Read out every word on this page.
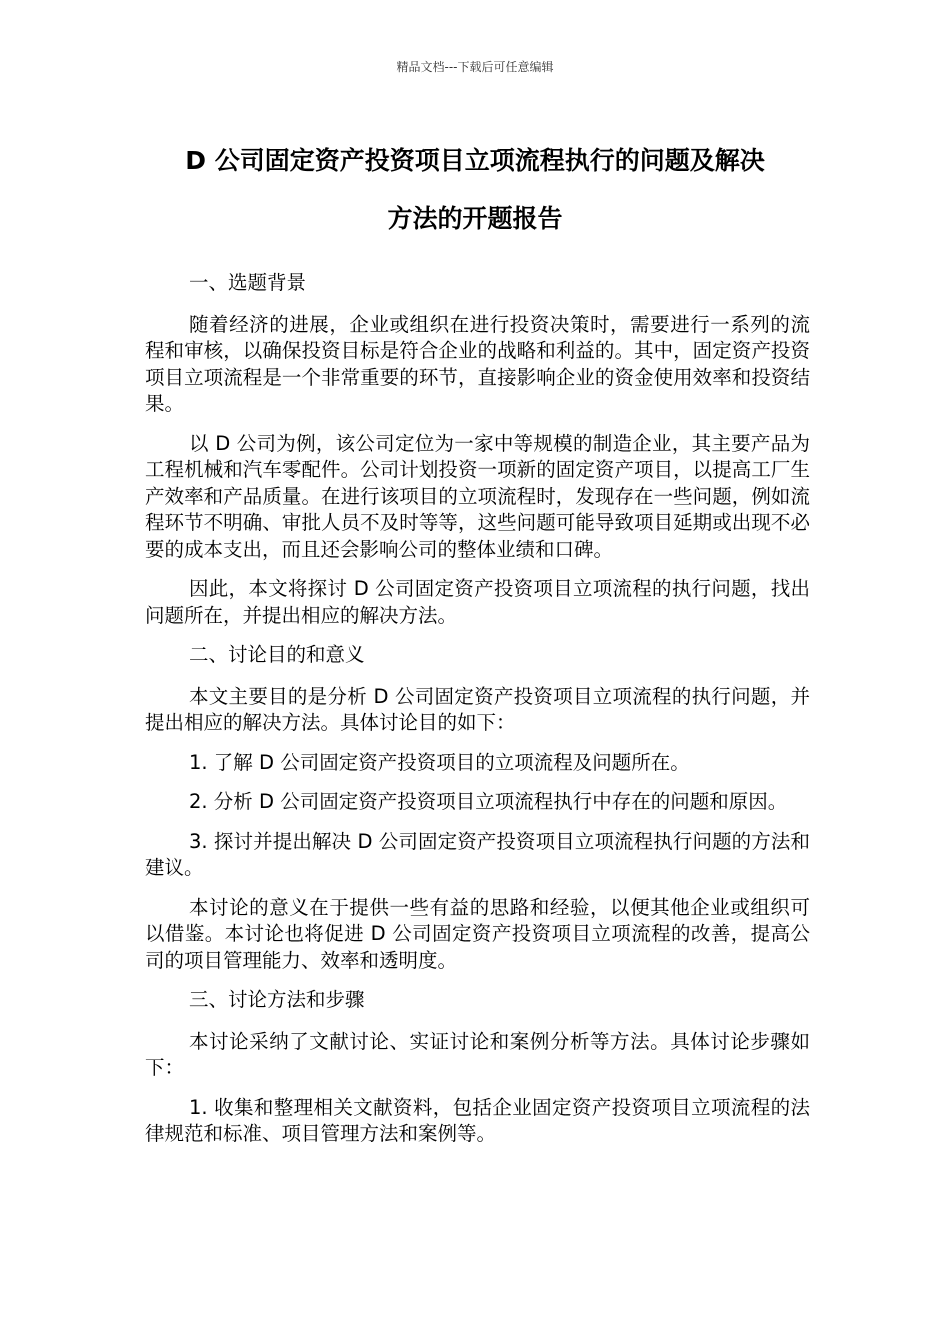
精品文档---下载后可任意编辑
D 公司固定资产投资项目立项流程执行的问题及解决
方法的开题报告

一、选题背景

随着经济的进展，企业或组织在进行投资决策时，需要进行一系列的流程和审核，以确保投资目标是符合企业的战略和利益的。其中，固定资产投资项目立项流程是一个非常重要的环节，直接影响企业的资金使用效率和投资结果。

以 D 公司为例，该公司定位为一家中等规模的制造企业，其主要产品为工程机械和汽车零配件。公司计划投资一项新的固定资产项目，以提高工厂生产效率和产品质量。在进行该项目的立项流程时，发现存在一些问题，例如流程环节不明确、审批人员不及时等等，这些问题可能导致项目延期或出现不必要的成本支出，而且还会影响公司的整体业绩和口碑。

因此，本文将探讨 D 公司固定资产投资项目立项流程的执行问题，找出问题所在，并提出相应的解决方法。

二、讨论目的和意义

本文主要目的是分析 D 公司固定资产投资项目立项流程的执行问题，并提出相应的解决方法。具体讨论目的如下：

1. 了解 D 公司固定资产投资项目的立项流程及问题所在。

2. 分析 D 公司固定资产投资项目立项流程执行中存在的问题和原因。

3. 探讨并提出解决 D 公司固定资产投资项目立项流程执行问题的方法和建议。

本讨论的意义在于提供一些有益的思路和经验，以便其他企业或组织可以借鉴。本讨论也将促进 D 公司固定资产投资项目立项流程的改善，提高公司的项目管理能力、效率和透明度。

三、讨论方法和步骤

本讨论采纳了文献讨论、实证讨论和案例分析等方法。具体讨论步骤如下：

1. 收集和整理相关文献资料，包括企业固定资产投资项目立项流程的法律规范和标准、项目管理方法和案例等。
